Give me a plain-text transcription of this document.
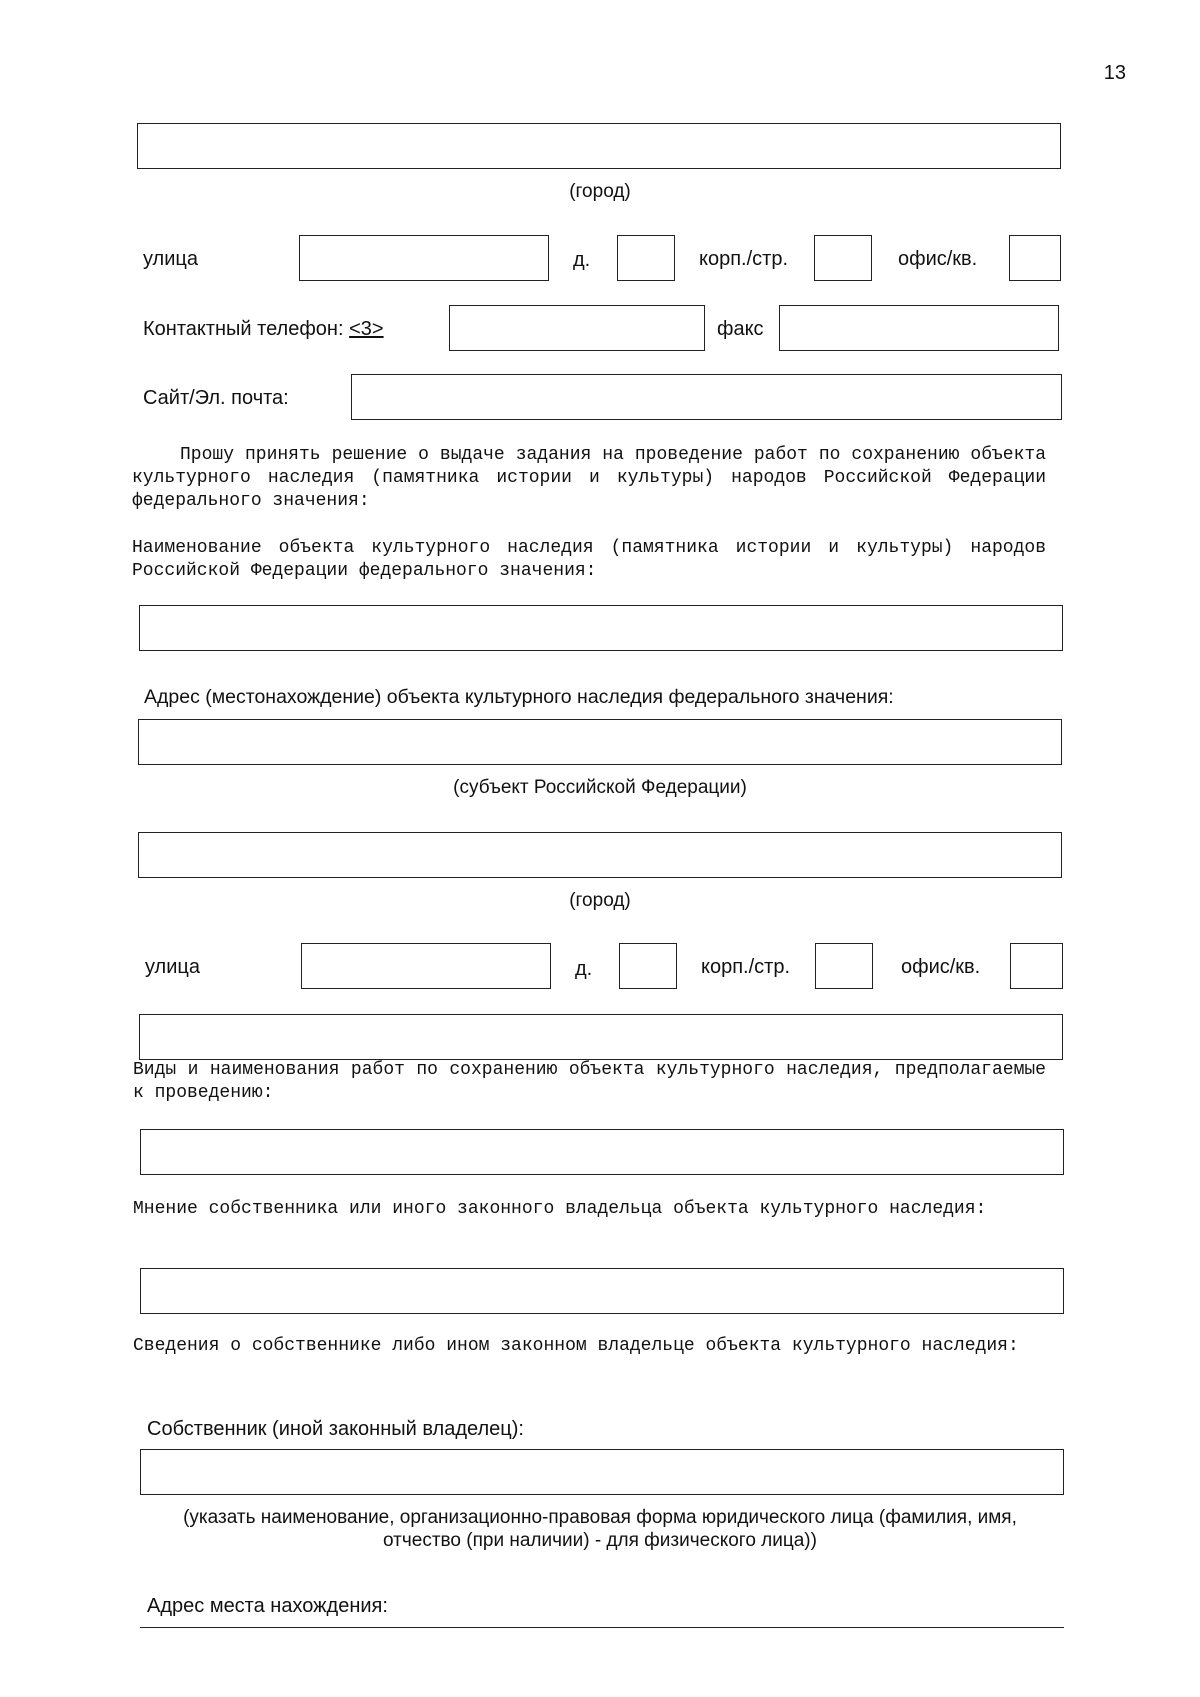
13
(город)
улица	д.	корп./стр.	офис/кв.
Контактный телефон: <3>	факс
Сайт/Эл. почта:
Прошу принять решение о выдаче задания на проведение работ по сохранению объекта культурного наследия (памятника истории и культуры) народов Российской Федерации федерального значения:
Наименование объекта культурного наследия (памятника истории и культуры) народов Российской Федерации федерального значения:
Адрес (местонахождение) объекта культурного наследия федерального значения:
(субъект Российской Федерации)
(город)
улица	д.	корп./стр.	офис/кв.
Виды и наименования работ по сохранению объекта культурного наследия, предполагаемые к проведению:
Мнение собственника или иного законного владельца объекта культурного наследия:
Сведения о собственнике либо ином законном владельце объекта культурного наследия:
Собственник (иной законный владелец):
(указать наименование, организационно-правовая форма юридического лица (фамилия, имя,
отчество (при наличии) - для физического лица))
Адрес места нахождения:
